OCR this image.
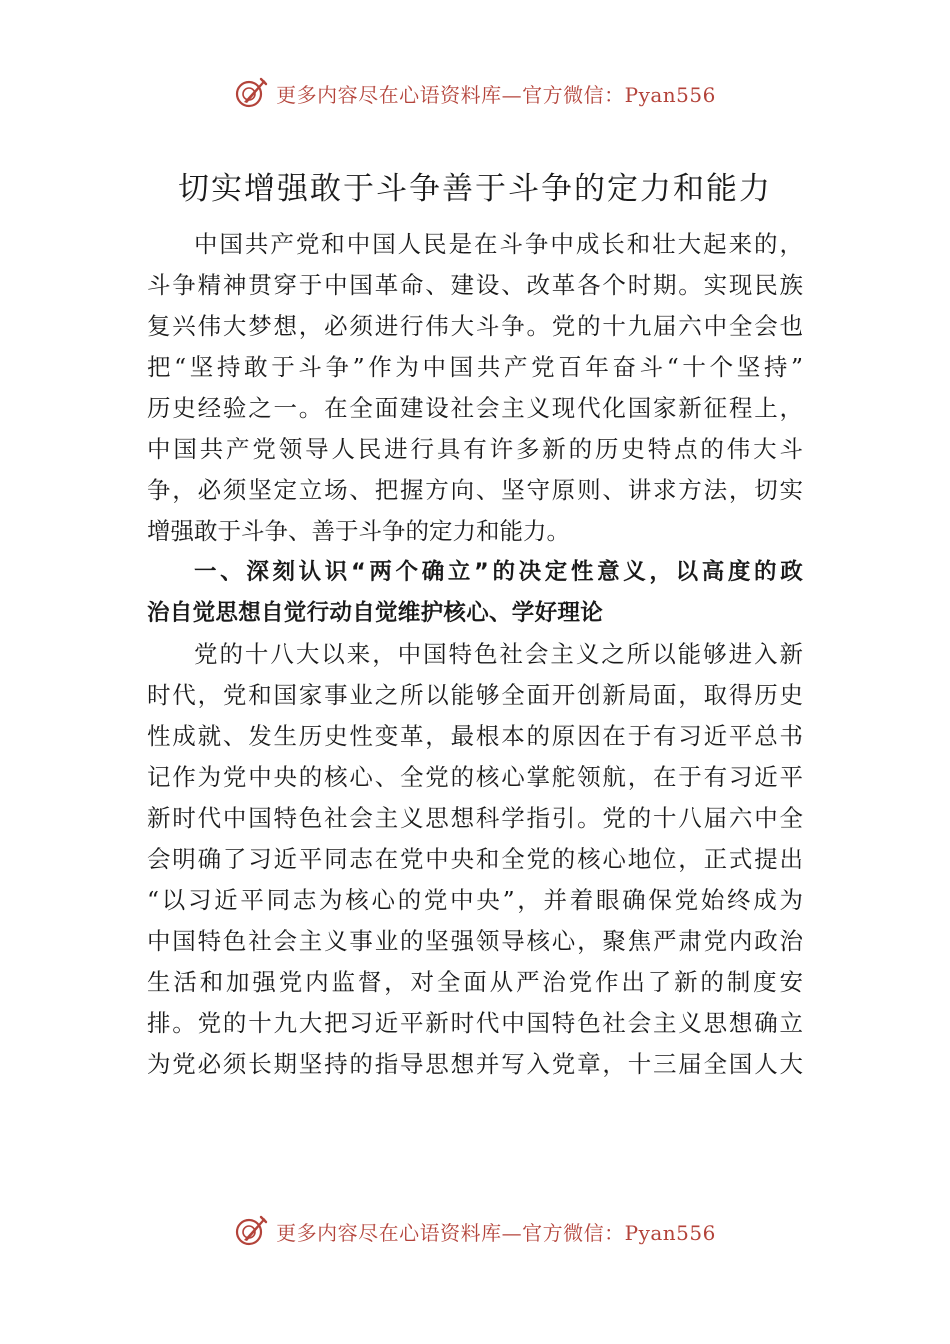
更多内容尽在心语资料库—官方微信：Pyan556
切实增强敢于斗争善于斗争的定力和能力
中国共产党和中国人民是在斗争中成长和壮大起来的，
斗争精神贯穿于中国革命、建设、改革各个时期。实现民族
复兴伟大梦想，必须进行伟大斗争。党的十九届六中全会也
把“坚持敢于斗争”作为中国共产党百年奋斗“十个坚持”
历史经验之一。在全面建设社会主义现代化国家新征程上，
中国共产党领导人民进行具有许多新的历史特点的伟大斗
争，必须坚定立场、把握方向、坚守原则、讲求方法，切实
增强敢于斗争、善于斗争的定力和能力。
一、深刻认识“两个确立”的决定性意义，以高度的政
治自觉思想自觉行动自觉维护核心、学好理论
党的十八大以来，中国特色社会主义之所以能够进入新
时代，党和国家事业之所以能够全面开创新局面，取得历史
性成就、发生历史性变革，最根本的原因在于有习近平总书
记作为党中央的核心、全党的核心掌舵领航，在于有习近平
新时代中国特色社会主义思想科学指引。党的十八届六中全
会明确了习近平同志在党中央和全党的核心地位，正式提出
“以习近平同志为核心的党中央”，并着眼确保党始终成为
中国特色社会主义事业的坚强领导核心，聚焦严肃党内政治
生活和加强党内监督，对全面从严治党作出了新的制度安
排。党的十九大把习近平新时代中国特色社会主义思想确立
为党必须长期坚持的指导思想并写入党章，十三届全国人大
更多内容尽在心语资料库—官方微信：Pyan556
